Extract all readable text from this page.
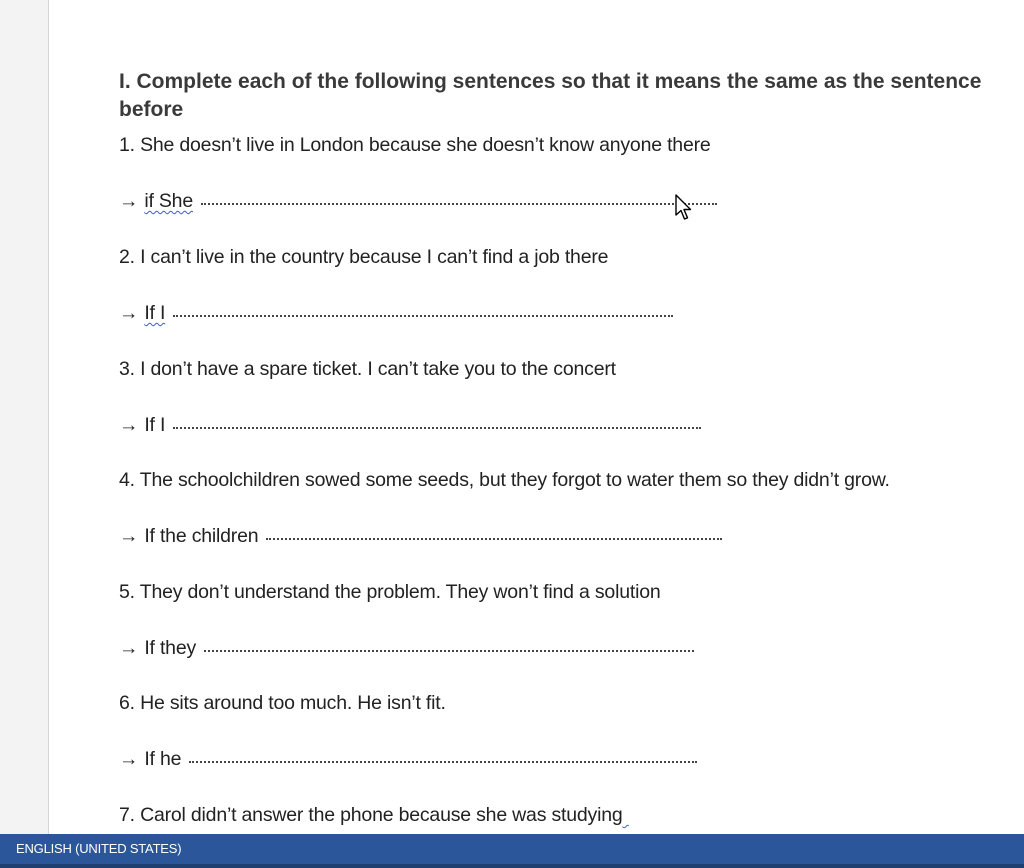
I. Complete each of the following sentences so that it means the same as the sentence before
1. She doesn’t live in London because she doesn’t know anyone there
→ if She
2. I can’t live in the country because I can’t find a job there
→ If I
3. I don’t have a spare ticket. I can’t take you to the concert
→ If I
4. The schoolchildren sowed some seeds, but they forgot to water them so they didn’t grow.
→ If the children
5. They don’t understand the problem. They won’t find a solution
→ If they
6. He sits around too much. He isn’t fit.
→ If he
7. Carol didn’t answer the phone because she was studying
ENGLISH (UNITED STATES)
